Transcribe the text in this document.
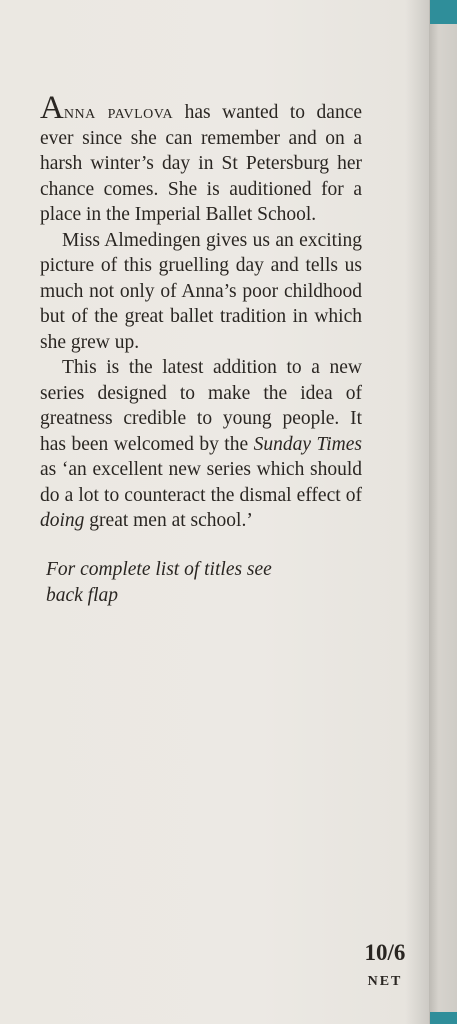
Anna pavlova has wanted to dance ever since she can remember and on a harsh winter’s day in St Petersburg her chance comes. She is auditioned for a place in the Imperial Ballet School.

Miss Almedingen gives us an exciting picture of this gruelling day and tells us much not only of Anna’s poor childhood but of the great ballet tradition in which she grew up.

This is the latest addition to a new series designed to make the idea of greatness credible to young people. It has been welcomed by the Sunday Times as ‘an excellent new series which should do a lot to counteract the dismal effect of doing great men at school.’

For complete list of titles see back flap
10/6
NET
